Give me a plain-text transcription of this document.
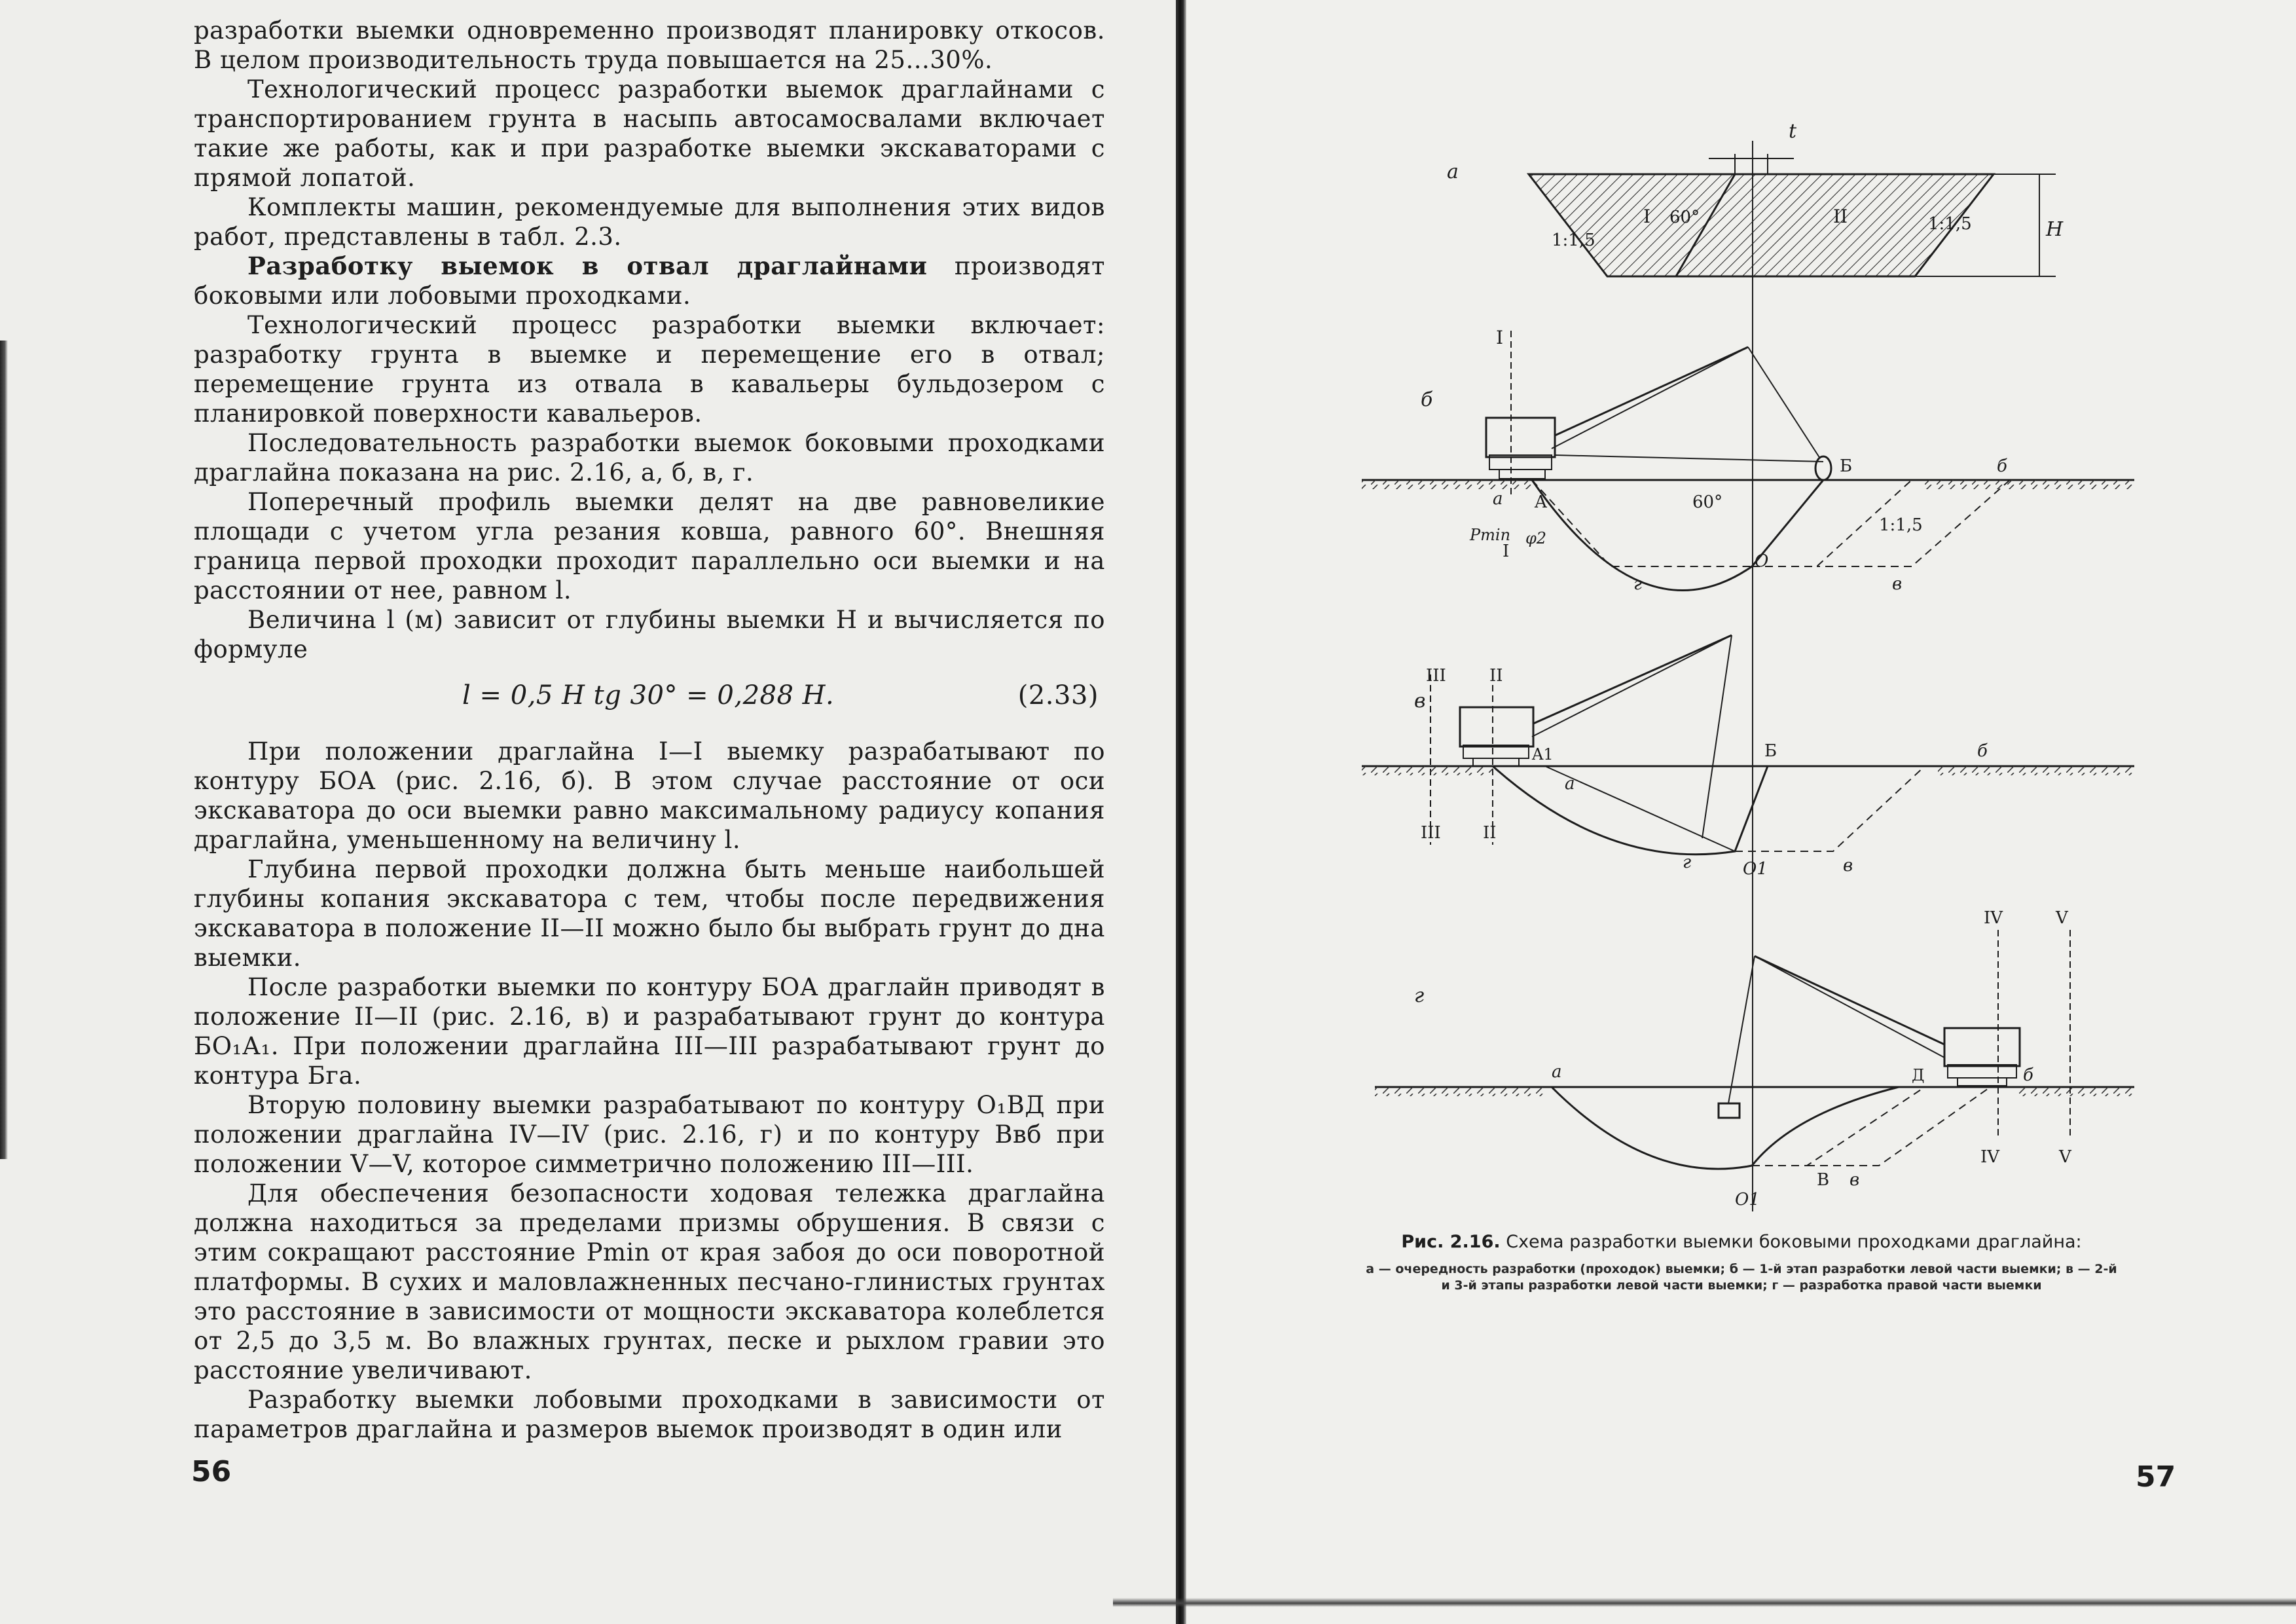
разработки выемки одновременно производят планировку откосов. В целом производительность труда повышается на 25...30%.

Технологический процесс разработки выемок драглайнами с транспортированием грунта в насыпь автосамосвалами включает такие же работы, как и при разработке выемки экскаваторами с прямой лопатой.

Комплекты машин, рекомендуемые для выполнения этих видов работ, представлены в табл. 2.3.

Разработку выемок в отвал драглайнами производят боковыми или лобовыми проходками.

Технологический процесс разработки выемки включает: разработку грунта в выемке и перемещение его в отвал; перемещение грунта из отвала в кавальеры бульдозером с планировкой поверхности кавальеров.

Последовательность разработки выемок боковыми проходками драглайна показана на рис. 2.16, а, б, в, г.

Поперечный профиль выемки делят на две равновеликие площади с учетом угла резания ковша, равного 60°. Внешняя граница первой проходки проходит параллельно оси выемки и на расстоянии от нее, равном l.

Величина l (м) зависит от глубины выемки H и вычисляется по формуле

l = 0,5 H tg 30° = 0,288 H.	(2.33)

При положении драглайна I—I выемку разрабатывают по контуру БОА (рис. 2.16, б). В этом случае расстояние от оси экскаватора до оси выемки равно максимальному радиусу копания драглайна, уменьшенному на величину l.

Глубина первой проходки должна быть меньше наибольшей глубины копания экскаватора с тем, чтобы после передвижения экскаватора в положение II—II можно было бы выбрать грунт до дна выемки.

После разработки выемки по контуру БОА драглайн приводят в положение II—II (рис. 2.16, в) и разрабатывают грунт до контура БО₁А₁. При положении драглайна III—III разрабатывают грунт до контура Бга.

Вторую половину выемки разрабатывают по контуру О₁ВД при положении драглайна IV—IV (рис. 2.16, г) и по контуру Ввб при положении V—V, которое симметрично положению III—III.

Для обеспечения безопасности ходовая тележка драглайна должна находиться за пределами призмы обрушения. В связи с этим сокращают расстояние Pmin от края забоя до оси поворотной платформы. В сухих и маловлажненных песчано-глинистых грунтах это расстояние в зависимости от мощности экскаватора колеблется от 2,5 до 3,5 м. Во влажных грунтах, песке и рыхлом гравии это расстояние увеличивают.

Разработку выемки лобовыми проходками в зависимости от параметров драглайна и размеров выемок производят в один или

56	57
а
t
H
1:1,5
1:1,5
I	II
60°
б
I
A
Б	б
a
O
г	в
60°
1:1,5
Pmin φ2
I
в
III	II
A1	Б	б
a
O1
г	в
III II
г
IV	V
a	Д	б
B в
O1
IV	V
Рис. 2.16. Схема разработки выемки боковыми проходками драглайна:
а — очередность разработки (проходок) выемки; б — 1-й этап разработки левой части выемки; в — 2-й и 3-й этапы разработки левой части выемки; г — разработка правой части выемки
